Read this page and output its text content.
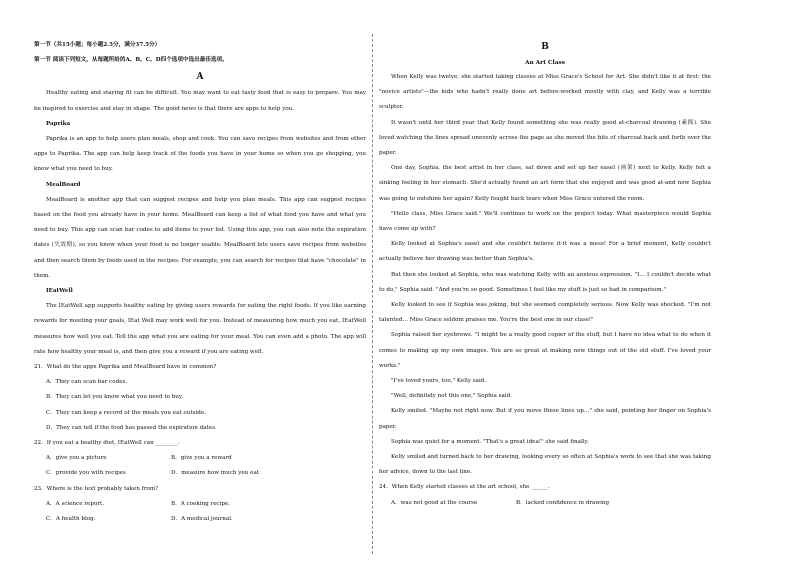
第一节（共15小题；每小题2.5分，满分37.5分）
第一节 阅读下列短文，从每题所给的A、B、C、D四个选项中选出最佳选项。
A

Healthy eating and staying fit can be difficult. You may want to eat tasty food that is easy to prepare. You may be inspired to exercise and stay in shape. The good news is that there are apps to help you.

Paprika

Paprika is an app to help users plan meals, shop and cook. You can save recipes from websites and from other apps to Paprika. The app can help keep track of the foods you have in your home so when you go shopping, you know what you need to buy.

MealBoard

MealBoard is another app that can suggest recipes and help you plan meals. This app can suggest recipes based on the food you already have in your home. MealBoard can keep a list of what food you have and what you need to buy. This app can scan bar codes to add items to your list. Using this app, you can also note the expiration dates (失效期), so you know when your food is no longer usable. MealBoard lets users save recipes from websites and then search them by foods used in the recipes. For example, you can search for recipes that have "chocolate" in them.

IEatWell

The IEatWell app supports healthy eating by giving users rewards for eating the right foods. If you like earning rewards for meeting your goals, IEat Well may work well for you. Instead of measuring how much you eat, IEatWell measures how well you eat. Tell the app what you are eating for your meal. You can even add a photo. The app will rate how healthy your meal is, and then give you a reward if you are eating well.

21．What do the apps Paprika and MealBoard have in common?

A．They can scan bar codes.
B．They can let you know what you need to buy.
C．They can keep a record of the meals you eat outside.
D．They can tell if the food has passed the expiration dates.

22．If you eat a healthy diet, IEatWell can ________.

A．give you a picture	B．give you a reward
C．provide you with recipes	D．measure how much you eat

23．Where is the text probably taken from?

A．A science report.	B．A cooking recipe.
C．A health blog.	D．A medical journal.
B
An Art Class

When Kelly was twelve, she started taking classes at Miss Grace's School for Art. She didn't like it at first: the "novice artists"—the kids who hadn't really done art before-worked mostly with clay, and Kelly was a terrible sculptor.

It wasn't until her third year that Kelly found something she was really good at-charcoal drawing (素描). She loved watching the lines spread unevenly across the page as she moved the bits of charcoal back and forth over the paper.

One day, Sophia, the best artist in her class, sat down and set up her easel (画架) next to Kelly. Kelly felt a sinking feeling in her stomach. She'd actually found an art form that she enjoyed and was good at-and now Sophia was going to outshine her again? Kelly fought back tears when Miss Grace entered the room.

"Hello class, Miss Grace said." We'll continue to work on the project today. What masterpiece would Sophia have come up with?

Kelly looked at Sophia's easel and she couldn't believe it-it was a mess! For a brief moment, Kelly couldn't actually believe her drawing was better than Sophia's.

But then she looked at Sophia, who was watching Kelly with an anxious expression. "I… I couldn't decide what to do," Sophia said. "And you're so good. Sometimes I feel like my stuff is just so bad in comparison."

Kelly looked to see if Sophia was joking, but she seemed completely serious. Now Kelly was shocked. "I'm not talented… Miss Grace seldom praises me. You're the best one in our class!"

Sophia raised her eyebrows. "I might be a really good copier of the stuff, but I have no idea what to do when it comes to making up my own images. You are so great at making new things out of the old stuff. I've loved your works."

"I've loved yours, too," Kelly said.

"Well, definitely not this one," Sophia said.

Kelly smiled. "Maybe not right now. But if you move these lines up…" she said, pointing her finger on Sophia's paper.

Sophia was quiet for a moment. "That's a great idea!" she said finally.

Kelly smiled and turned back to her drawing, looking every so often at Sophia's work to see that she was taking her advice, down to the last line.

24．When Kelly started classes at the art school, she ______.

A．was not good at the course	B．lacked confidence in drawing
